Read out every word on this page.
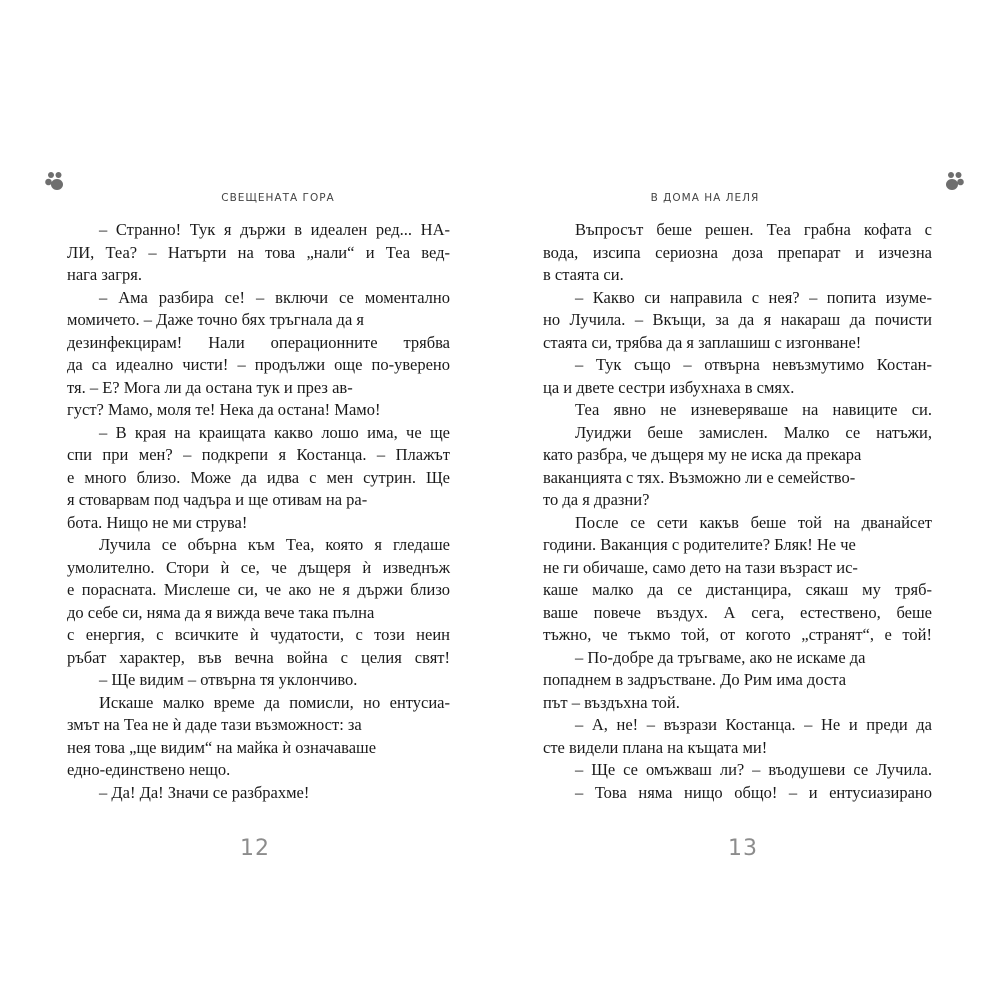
СВЕЩЕНАТА ГОРА
– Странно! Тук я държи в идеален ред... НА-
ЛИ, Теа? – Натърти на това „нали“ и Теа вед-
нага загря.
– Ама разбира се! – включи се моментално
момичето. – Даже точно бях тръгнала да я
дезинфекцирам! Нали операционните трябва
да са идеално чисти! – продължи още по-уверено
тя. – Е? Мога ли да остана тук и през ав-
густ? Мамо, моля те! Нека да остана! Мамо!
– В края на краищата какво лошо има, че ще
спи при мен? – подкрепи я Костанца. – Плажът
е много близо. Може да идва с мен сутрин. Ще
я стоварвам под чадъра и ще отивам на ра-
бота. Нищо не ми струва!
Лучила се обърна към Теа, която я гледаше
умолително. Стори ѝ се, че дъщеря ѝ изведнъж
е порасната. Мислеше си, че ако не я държи близо
до себе си, няма да я вижда вече така пълна
с енергия, с всичките ѝ чудатости, с този неин
ръбат характер, във вечна война с целия свят!
– Ще видим – отвърна тя уклончиво.
Искаше малко време да помисли, но ентусиа-
змът на Теа не ѝ даде тази възможност: за
нея това „ще видим“ на майка ѝ означаваше
едно-единствено нещо.
– Да! Да! Значи се разбрахме!
12
В ДОМА НА ЛЕЛЯ
Въпросът беше решен. Теа грабна кофата с
вода, изсипа сериозна доза препарат и изчезна
в стаята си.
– Какво си направила с нея? – попита изуме-
но Лучила. – Вкъщи, за да я накараш да почисти
стаята си, трябва да я заплашиш с изгонване!
– Тук също – отвърна невъзмутимо Костан-
ца и двете сестри избухнаха в смях.
Теа явно не изневеряваше на навиците си.
Луиджи беше замислен. Малко се натъжи,
като разбра, че дъщеря му не иска да прекара
ваканцията с тях. Възможно ли е семейство-
то да я дразни?
После се сети какъв беше той на дванайсет
години. Ваканция с родителите? Бляк! Не че
не ги обичаше, само дето на тази възраст ис-
каше малко да се дистанцира, сякаш му тряб-
ваше повече въздух. А сега, естествено, беше
тъжно, че тъкмо той, от когото „странят“, е той!
– По-добре да тръгваме, ако не искаме да
попаднем в задръстване. До Рим има доста
път – въздъхна той.
– А, не! – възрази Костанца. – Не и преди да
сте видели плана на къщата ми!
– Ще се омъжваш ли? – въодушеви се Лучила.
– Това няма нищо общо! – и ентусиазирано
13
